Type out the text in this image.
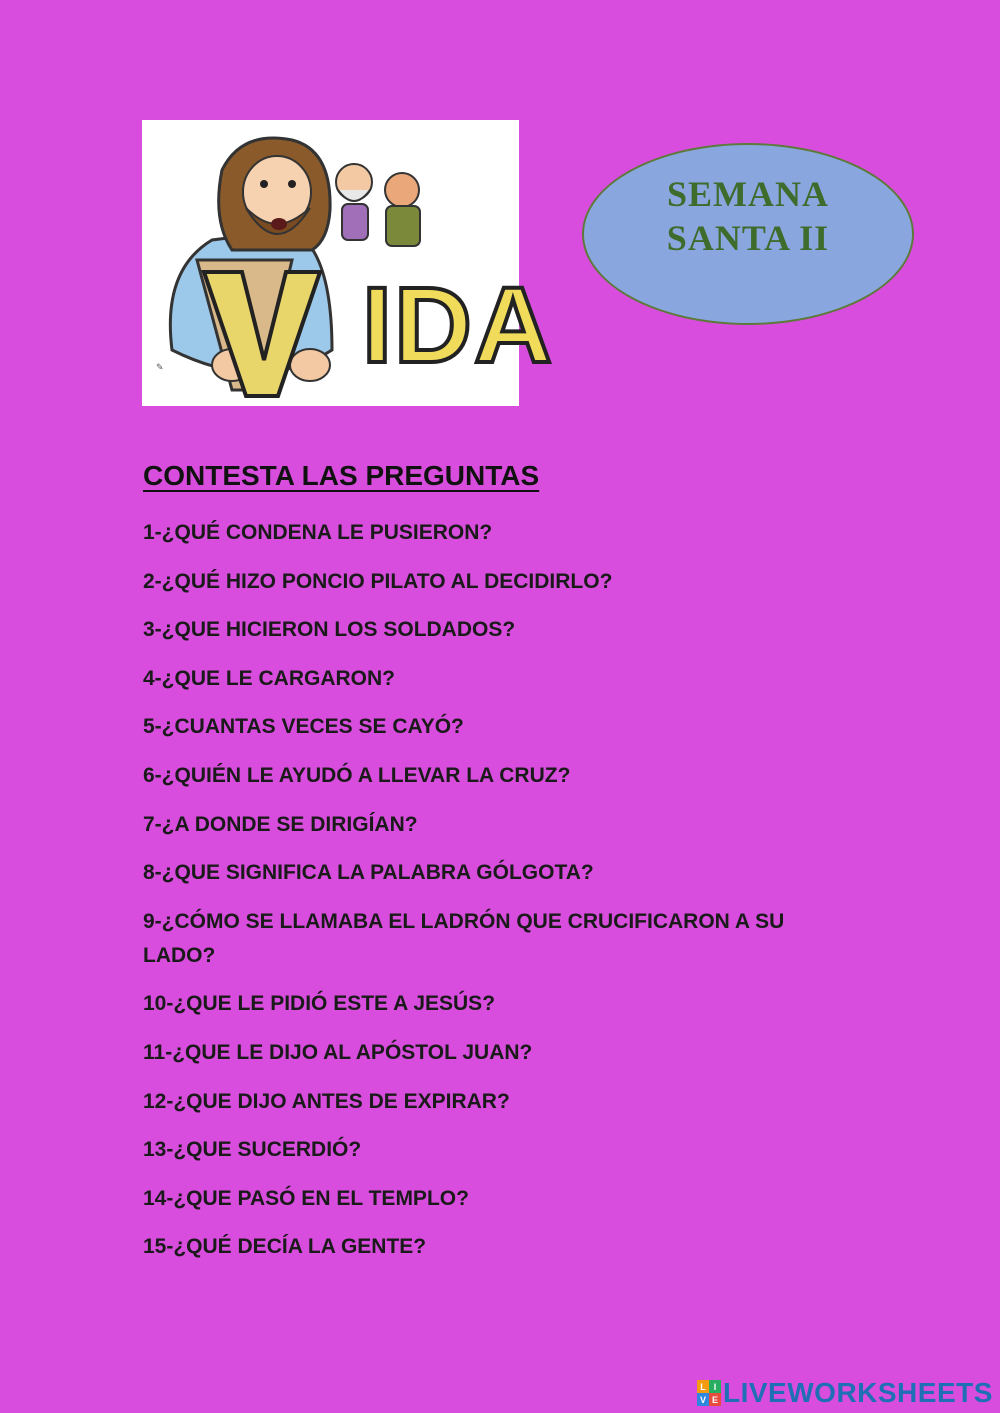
IDA
✎
SEMANA
SANTA II
CONTESTA LAS PREGUNTAS
1-¿QUÉ CONDENA LE PUSIERON?
2-¿QUÉ HIZO PONCIO PILATO AL DECIDIRLO?
3-¿QUE HICIERON LOS SOLDADOS?
4-¿QUE LE CARGARON?
5-¿CUANTAS VECES SE CAYÓ?
6-¿QUIÉN LE AYUDÓ A LLEVAR LA CRUZ?
7-¿A DONDE SE DIRIGÍAN?
8-¿QUE SIGNIFICA LA PALABRA GÓLGOTA?
9-¿CÓMO SE LLAMABA EL LADRÓN QUE CRUCIFICARON A SU LADO?
10-¿QUE LE PIDIÓ ESTE A JESÚS?
11-¿QUE LE DIJO AL APÓSTOL JUAN?
12-¿QUE DIJO ANTES DE EXPIRAR?
13-¿QUE SUCERDIÓ?
14-¿QUE PASÓ EN EL TEMPLO?
15-¿QUÉ DECÍA LA GENTE?
L I
V E LIVEWORKSHEETS
